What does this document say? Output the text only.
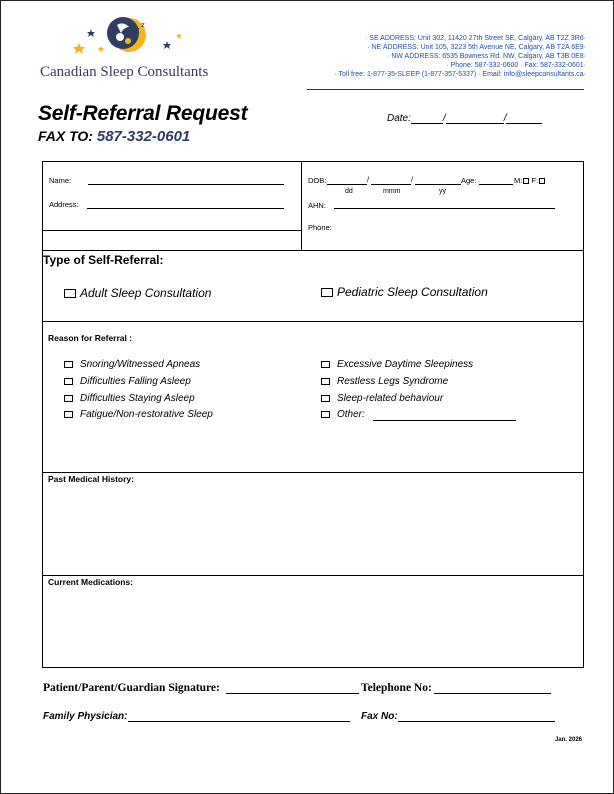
z
z
Canadian Sleep Consultants
· SE ADDRESS: Unit 302, 11420 27th Street SE, Calgary, AB T2Z 3R6·
· NE ADDRESS: Unit 105, 3223 5th Avenue NE, Calgary, AB T2A 6E9·
· NW ADDRESS: 6535 Bowness Rd. NW, Calgary, AB T3B 0E8·
· Phone: 587-332-0600 · Fax: 587-332-0601·
· Toll free: 1-877-35-SLEEP (1-877-357-5337) · Email: info@sleepconsultants.ca·
Self-Referral Request
FAX TO: 587-332-0601
Date:	/	/
Name:
Address:
DOB:	/	/	Age:	M: F:
dd	mmm	yy
AHN:
Phone:
Type of Self-Referral:
Adult Sleep Consultation	Pediatric Sleep Consultation
Reason for Referral :
Snoring/Witnessed Apneas
Difficulties Falling Asleep
Difficulties Staying Asleep
Fatigue/Non-restorative Sleep
Excessive Daytime Sleepiness
Restless Legs Syndrome
Sleep-related behaviour
Other:
Past Medical History:
Current Medications:
Patient/Parent/Guardian Signature:	Telephone No:
Family Physician:	Fax No:
Jan. 2026
